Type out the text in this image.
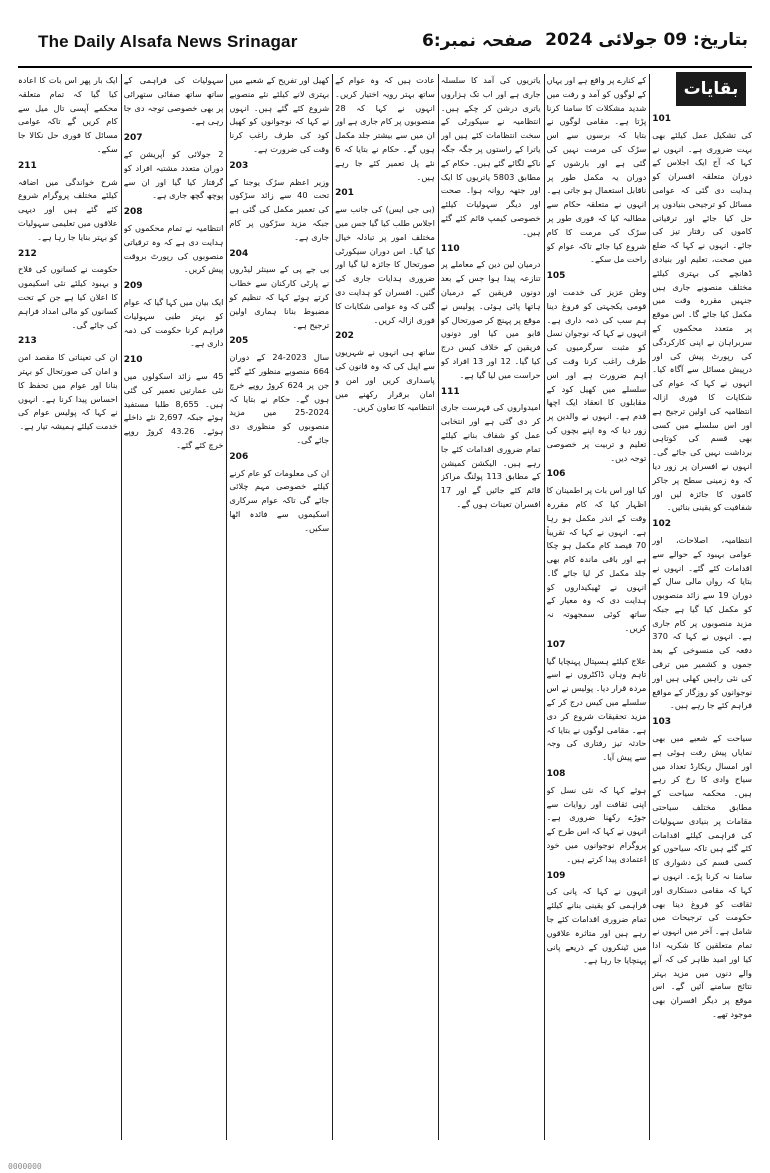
The Daily Alsafa News Srinagar	صفحہ نمبر:6 بتاریخ: 09 جولائی 2024
بقایات
101

کی تشکیل عمل کیلئے بھی بہت ضروری ہے۔ انہوں نے کہا کہ آج ایک اجلاس کے دوران متعلقہ افسران کو ہدایت دی گئی کہ عوامی مسائل کو ترجیحی بنیادوں پر حل کیا جائے اور ترقیاتی کاموں کی رفتار تیز کی جائے۔ انہوں نے کہا کہ ضلع میں صحت، تعلیم اور بنیادی ڈھانچے کی بہتری کیلئے مختلف منصوبے جاری ہیں جنہیں مقررہ وقت میں مکمل کیا جائے گا۔ اس موقع پر متعدد محکموں کے سربراہان نے اپنی کارکردگی کی رپورٹ پیش کی اور درپیش مسائل سے آگاہ کیا۔ انہوں نے کہا کہ عوام کی شکایات کا فوری ازالہ انتظامیہ کی اولین ترجیح ہے اور اس سلسلے میں کسی بھی قسم کی کوتاہی برداشت نہیں کی جائے گی۔ انہوں نے افسران پر زور دیا کہ وہ زمینی سطح پر جاکر کاموں کا جائزہ لیں اور شفافیت کو یقینی بنائیں۔

102

انتظامیہ، اصلاحات، اور عوامی بہبود کے حوالے سے اقدامات کئے گئے۔ انہوں نے بتایا کہ رواں مالی سال کے دوران 19 سے زائد منصوبوں کو مکمل کیا گیا ہے جبکہ مزید منصوبوں پر کام جاری ہے۔ انہوں نے کہا کہ 370 دفعہ کی منسوخی کے بعد جموں و کشمیر میں ترقی کی نئی راہیں کھلی ہیں اور نوجوانوں کو روزگار کے مواقع فراہم کئے جا رہے ہیں۔

103

سیاحت کے شعبے میں بھی نمایاں پیش رفت ہوئی ہے اور امسال ریکارڈ تعداد میں سیاح وادی کا رخ کر رہے ہیں۔ محکمہ سیاحت کے مطابق مختلف سیاحتی مقامات پر بنیادی سہولیات کی فراہمی کیلئے اقدامات کئے گئے ہیں تاکہ سیاحوں کو کسی قسم کی دشواری کا سامنا نہ کرنا پڑے۔ انہوں نے کہا کہ مقامی دستکاری اور ثقافت کو فروغ دینا بھی حکومت کی ترجیحات میں شامل ہے۔ آخر میں انہوں نے تمام متعلقین کا شکریہ ادا کیا اور امید ظاہر کی کہ آنے والے دنوں میں مزید بہتر نتائج سامنے آئیں گے۔ اس موقع پر دیگر افسران بھی موجود تھے۔

کے کنارے پر واقع ہے اور یہاں کے لوگوں کو آمد و رفت میں شدید مشکلات کا سامنا کرنا پڑتا ہے۔ مقامی لوگوں نے بتایا کہ برسوں سے اس سڑک کی مرمت نہیں کی گئی ہے اور بارشوں کے دوران یہ مکمل طور پر ناقابل استعمال ہو جاتی ہے۔ انہوں نے متعلقہ حکام سے مطالبہ کیا کہ فوری طور پر سڑک کی مرمت کا کام شروع کیا جائے تاکہ عوام کو راحت مل سکے۔

105

وطن عزیز کی خدمت اور قومی یکجہتی کو فروغ دینا ہم سب کی ذمہ داری ہے۔ انہوں نے کہا کہ نوجوان نسل کو مثبت سرگرمیوں کی طرف راغب کرنا وقت کی اہم ضرورت ہے اور اس سلسلے میں کھیل کود کے مقابلوں کا انعقاد ایک اچھا قدم ہے۔ انہوں نے والدین پر زور دیا کہ وہ اپنے بچوں کی تعلیم و تربیت پر خصوصی توجہ دیں۔

106

کیا اور اس بات پر اطمینان کا اظہار کیا کہ کام مقررہ وقت کے اندر مکمل ہو رہا ہے۔ انہوں نے کہا کہ تقریباً 70 فیصد کام مکمل ہو چکا ہے اور باقی ماندہ کام بھی جلد مکمل کر لیا جائے گا۔ انہوں نے ٹھیکیداروں کو ہدایت دی کہ وہ معیار کے ساتھ کوئی سمجھوتہ نہ کریں۔

107

علاج کیلئے ہسپتال پہنچایا گیا تاہم وہاں ڈاکٹروں نے اسے مردہ قرار دیا۔ پولیس نے اس سلسلے میں کیس درج کر کے مزید تحقیقات شروع کر دی ہے۔ مقامی لوگوں نے بتایا کہ حادثہ تیز رفتاری کی وجہ سے پیش آیا۔

108

ہوئے کہا کہ نئی نسل کو اپنی ثقافت اور روایات سے جوڑے رکھنا ضروری ہے۔ انہوں نے کہا کہ اس طرح کے پروگرام نوجوانوں میں خود اعتمادی پیدا کرتے ہیں۔

109

انہوں نے کہا کہ پانی کی فراہمی کو یقینی بنانے کیلئے تمام ضروری اقدامات کئے جا رہے ہیں اور متاثرہ علاقوں میں ٹینکروں کے ذریعے پانی پہنچایا جا رہا ہے۔

یاتریوں کی آمد کا سلسلہ جاری ہے اور اب تک ہزاروں یاتری درشن کر چکے ہیں۔ انتظامیہ نے سیکورٹی کے سخت انتظامات کئے ہیں اور یاترا کے راستوں پر جگہ جگہ ناکے لگائے گئے ہیں۔ حکام کے مطابق 5803 یاتریوں کا ایک اور جتھہ روانہ ہوا۔ صحت اور دیگر سہولیات کیلئے خصوصی کیمپ قائم کئے گئے ہیں۔

110

درمیان لین دین کے معاملے پر تنازعہ پیدا ہوا جس کے بعد دونوں فریقین کے درمیان ہاتھا پائی ہوئی۔ پولیس نے موقع پر پہنچ کر صورتحال کو قابو میں کیا اور دونوں فریقین کے خلاف کیس درج کیا گیا۔ 12 اور 13 افراد کو حراست میں لیا گیا ہے۔

111

امیدواروں کی فہرست جاری کر دی گئی ہے اور انتخابی عمل کو شفاف بنانے کیلئے تمام ضروری اقدامات کئے جا رہے ہیں۔ الیکشن کمیشن کے مطابق 113 پولنگ مراکز قائم کئے جائیں گے اور 17 افسران تعینات ہوں گے۔

عادت ہیں کہ وہ عوام کے ساتھ بہتر رویہ اختیار کریں۔ انہوں نے کہا کہ 28 منصوبوں پر کام جاری ہے اور ان میں سے بیشتر جلد مکمل ہوں گے۔ حکام نے بتایا کہ 6 نئے پل تعمیر کئے جا رہے ہیں۔

201

(بی جی ایس) کی جانب سے اجلاس طلب کیا گیا جس میں مختلف امور پر تبادلہ خیال کیا گیا۔ اس دوران سیکورٹی صورتحال کا جائزہ لیا گیا اور ضروری ہدایات جاری کی گئیں۔ افسران کو ہدایت دی گئی کہ وہ عوامی شکایات کا فوری ازالہ کریں۔

202

ساتھ ہی انہوں نے شہریوں سے اپیل کی کہ وہ قانون کی پاسداری کریں اور امن و امان برقرار رکھنے میں انتظامیہ کا تعاون کریں۔

کھیل اور تفریح کے شعبے میں بہتری لانے کیلئے نئے منصوبے شروع کئے گئے ہیں۔ انہوں نے کہا کہ نوجوانوں کو کھیل کود کی طرف راغب کرنا وقت کی ضرورت ہے۔

203

وزیر اعظم سڑک یوجنا کے تحت 40 سے زائد سڑکوں کی تعمیر مکمل کی گئی ہے جبکہ مزید سڑکوں پر کام جاری ہے۔

204

بی جے پی کے سینئر لیڈروں نے پارٹی کارکنان سے خطاب کرتے ہوئے کہا کہ تنظیم کو مضبوط بنانا ہماری اولین ترجیح ہے۔

205

سال 2023-24 کے دوران 664 منصوبے منظور کئے گئے جن پر 624 کروڑ روپے خرچ ہوں گے۔ حکام نے بتایا کہ 2024-25 میں مزید منصوبوں کو منظوری دی جائے گی۔

206

ان کی معلومات کو عام کرنے کیلئے خصوصی مہم چلائی جائے گی تاکہ عوام سرکاری اسکیموں سے فائدہ اٹھا سکیں۔

سہولیات کی فراہمی کے ساتھ ساتھ صفائی ستھرائی پر بھی خصوصی توجہ دی جا رہی ہے۔

207

2 جولائی کو آپریشن کے دوران متعدد مشتبہ افراد کو گرفتار کیا گیا اور ان سے پوچھ گچھ جاری ہے۔

208

انتظامیہ نے تمام محکموں کو ہدایت دی ہے کہ وہ ترقیاتی منصوبوں کی رپورٹ بروقت پیش کریں۔

209

ایک بیان میں کہا گیا کہ عوام کو بہتر طبی سہولیات فراہم کرنا حکومت کی ذمہ داری ہے۔

210

45 سے زائد اسکولوں میں نئی عمارتیں تعمیر کی گئی ہیں۔ 8,655 طلبا مستفید ہوئے جبکہ 2,697 نئے داخلے ہوئے۔ 43.26 کروڑ روپے خرچ کئے گئے۔

ایک بار پھر اس بات کا اعادہ کیا گیا کہ تمام متعلقہ محکمے آپسی تال میل سے کام کریں گے تاکہ عوامی مسائل کا فوری حل نکالا جا سکے۔

211

شرح خواندگی میں اضافہ کیلئے مختلف پروگرام شروع کئے گئے ہیں اور دیہی علاقوں میں تعلیمی سہولیات کو بہتر بنایا جا رہا ہے۔

212

حکومت نے کسانوں کی فلاح و بہبود کیلئے نئی اسکیموں کا اعلان کیا ہے جن کے تحت کسانوں کو مالی امداد فراہم کی جائے گی۔

213

ان کی تعیناتی کا مقصد امن و امان کی صورتحال کو بہتر بنانا اور عوام میں تحفظ کا احساس پیدا کرنا ہے۔ انہوں نے کہا کہ پولیس عوام کی خدمت کیلئے ہمیشہ تیار ہے۔

0000000
